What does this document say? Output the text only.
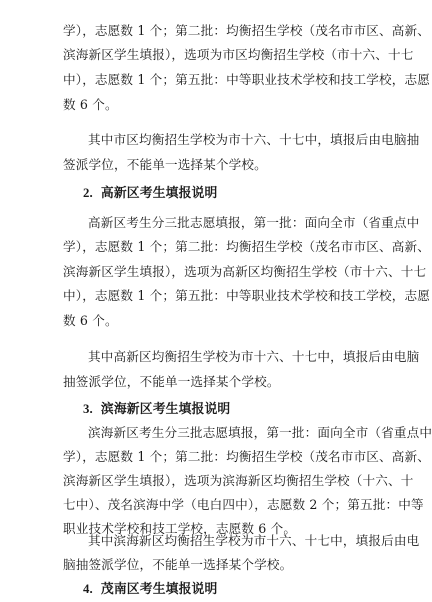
学），志愿数 1 个；第二批：均衡招生学校（茂名市市区、高新、
滨海新区学生填报），选项为市区均衡招生学校（市十六、十七
中），志愿数 1 个；第五批：中等职业技术学校和技工学校，志愿
数 6 个。
其中市区均衡招生学校为市十六、十七中，填报后由电脑抽
签派学位，不能单一选择某个学校。
2. 高新区考生填报说明
高新区考生分三批志愿填报，第一批：面向全市（省重点中
学），志愿数 1 个；第二批：均衡招生学校（茂名市市区、高新、
滨海新区学生填报），选项为高新区均衡招生学校（市十六、十七
中），志愿数 1 个；第五批：中等职业技术学校和技工学校，志愿
数 6 个。
其中高新区均衡招生学校为市十六、十七中，填报后由电脑
抽签派学位，不能单一选择某个学校。
3. 滨海新区考生填报说明
滨海新区考生分三批志愿填报，第一批：面向全市（省重点中
学），志愿数 1 个；第二批：均衡招生学校（茂名市市区、高新、
滨海新区学生填报），选项为滨海新区均衡招生学校（十六、十
七中）、茂名滨海中学（电白四中），志愿数 2 个；第五批：中等
职业技术学校和技工学校，志愿数 6 个。
其中滨海新区均衡招生学校为市十六、十七中，填报后由电
脑抽签派学位，不能单一选择某个学校。
4. 茂南区考生填报说明
